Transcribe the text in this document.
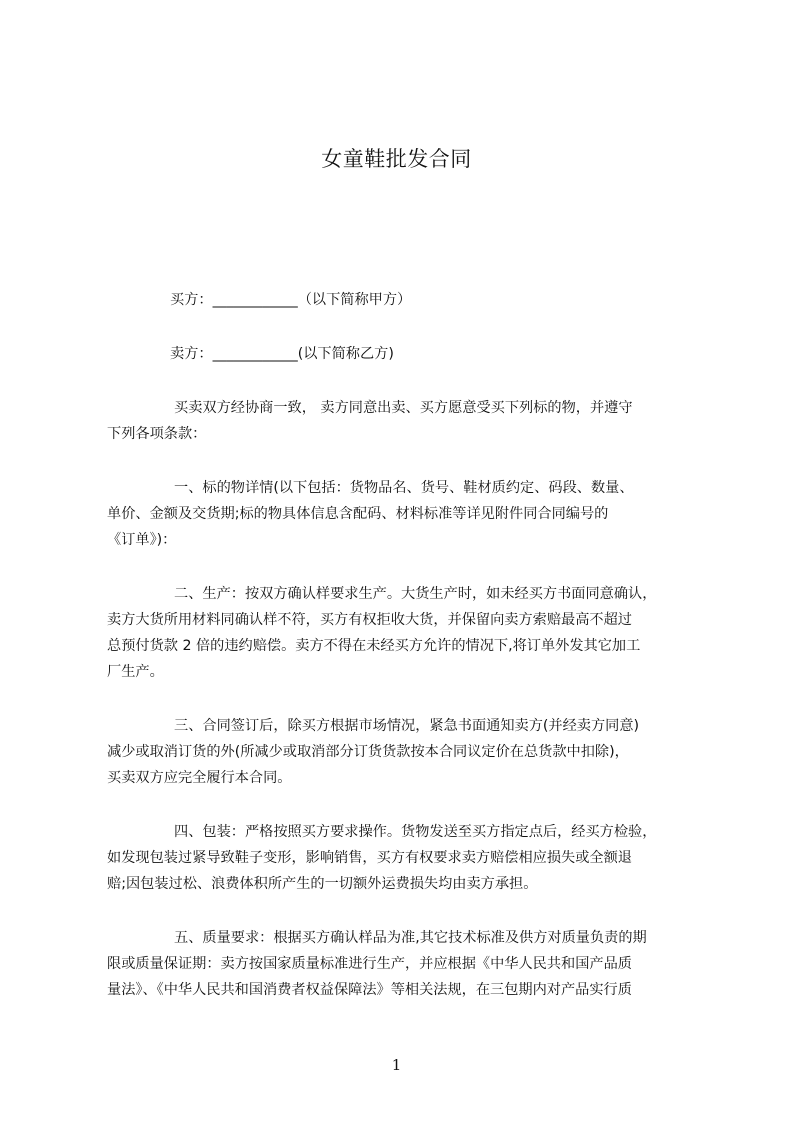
女童鞋批发合同
买方：____________（以下简称甲方）
卖方：____________(以下简称乙方)
买卖双方经协商一致， 卖方同意出卖、买方愿意受买下列标的物，并遵守
下列各项条款：
一、标的物详情(以下包括：货物品名、货号、鞋材质约定、码段、数量、
单价、金额及交货期;标的物具体信息含配码、材料标准等详见附件同合同编号的
《订单》)：
二、生产：按双方确认样要求生产。大货生产时，如未经买方书面同意确认，
卖方大货所用材料同确认样不符，买方有权拒收大货，并保留向卖方索赔最高不超过
总预付货款 2 倍的违约赔偿。卖方不得在未经买方允许的情况下,将订单外发其它加工
厂生产。
三、合同签订后，除买方根据市场情况，紧急书面通知卖方(并经卖方同意)
减少或取消订货的外(所减少或取消部分订货货款按本合同议定价在总货款中扣除)，
买卖双方应完全履行本合同。
四、包装：严格按照买方要求操作。货物发送至买方指定点后，经买方检验，
如发现包装过紧导致鞋子变形，影响销售，买方有权要求卖方赔偿相应损失或全额退
赔;因包装过松、浪费体积所产生的一切额外运费损失均由卖方承担。
五、质量要求：根据买方确认样品为准,其它技术标准及供方对质量负责的期
限或质量保证期：卖方按国家质量标准进行生产，并应根据《中华人民共和国产品质
量法》、《中华人民共和国消费者权益保障法》等相关法规，在三包期内对产品实行质
1
